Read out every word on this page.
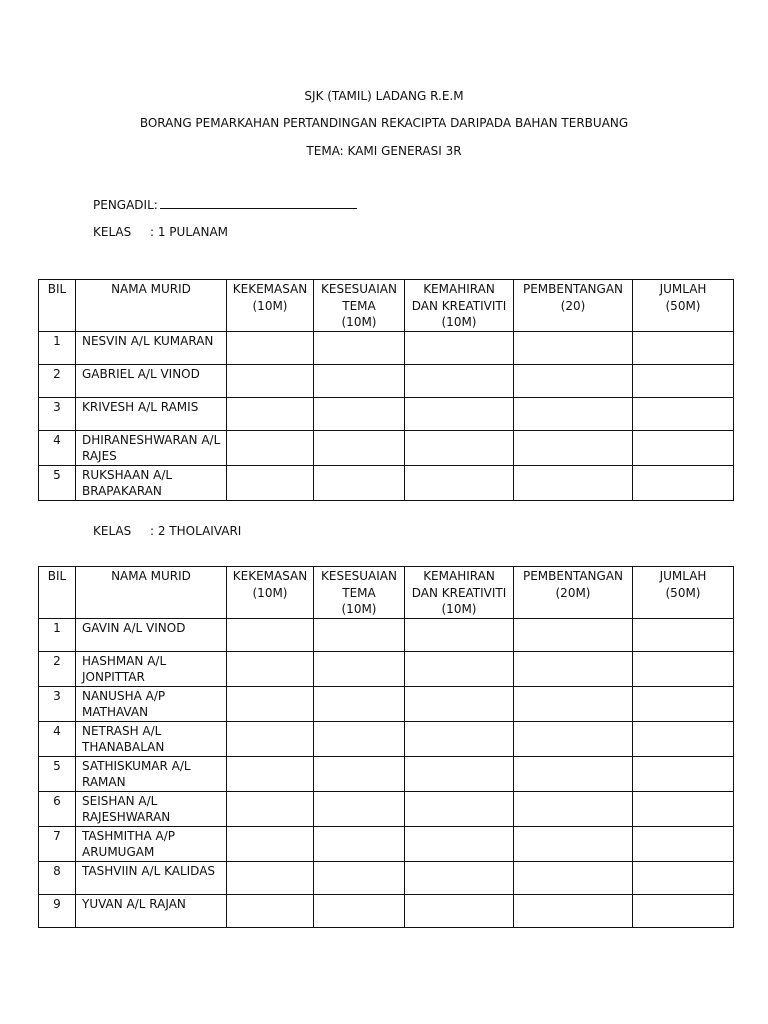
SJK (TAMIL) LADANG R.E.M
BORANG PEMARKAHAN PERTANDINGAN REKACIPTA DARIPADA BAHAN TERBUANG
TEMA: KAMI GENERASI 3R
PENGADIL:
KELAS : 1 PULANAM
BIL	NAMA MURID	KEKEMASAN
(10M)	KESESUAIAN
TEMA
(10M)	KEMAHIRAN
DAN KREATIVITI
(10M)	PEMBENTANGAN
(20)	JUMLAH
(50M)
1	NESVIN A/L KUMARAN					
2	GABRIEL A/L VINOD					
3	KRIVESH A/L RAMIS					
4	DHIRANESHWARAN A/L RAJES					
5	RUKSHAAN A/L BRAPAKARAN					
KELAS : 2 THOLAIVARI
BIL	NAMA MURID	KEKEMASAN
(10M)	KESESUAIAN
TEMA
(10M)	KEMAHIRAN
DAN KREATIVITI
(10M)	PEMBENTANGAN
(20M)	JUMLAH
(50M)
1	GAVIN A/L VINOD					
2	HASHMAN A/L JONPITTAR					
3	NANUSHA A/P MATHAVAN					
4	NETRASH A/L THANABALAN					
5	SATHISKUMAR A/L RAMAN					
6	SEISHAN A/L RAJESHWARAN					
7	TASHMITHA A/P ARUMUGAM					
8	TASHVIIN A/L KALIDAS					
9	YUVAN A/L RAJAN					
